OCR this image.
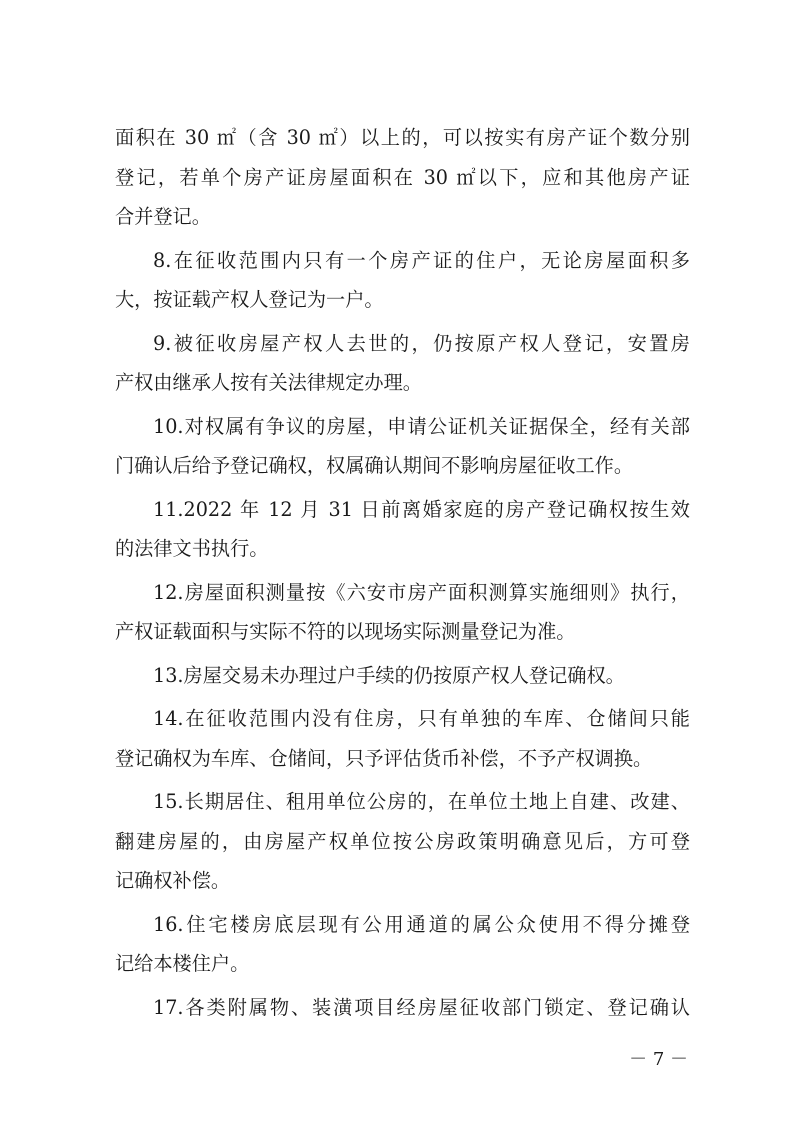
面积在 30 ㎡（含 30 ㎡）以上的，可以按实有房产证个数分别
登记，若单个房产证房屋面积在 30 ㎡以下，应和其他房产证
合并登记。
8.在征收范围内只有一个房产证的住户，无论房屋面积多
大，按证载产权人登记为一户。
9.被征收房屋产权人去世的，仍按原产权人登记，安置房
产权由继承人按有关法律规定办理。
10.对权属有争议的房屋，申请公证机关证据保全，经有关部
门确认后给予登记确权，权属确认期间不影响房屋征收工作。
11.2022 年 12 月 31 日前离婚家庭的房产登记确权按生效
的法律文书执行。
12.房屋面积测量按《六安市房产面积测算实施细则》执行，
产权证载面积与实际不符的以现场实际测量登记为准。
13.房屋交易未办理过户手续的仍按原产权人登记确权。
14.在征收范围内没有住房，只有单独的车库、仓储间只能
登记确权为车库、仓储间，只予评估货币补偿，不予产权调换。
15.长期居住、租用单位公房的，在单位土地上自建、改建、
翻建房屋的，由房屋产权单位按公房政策明确意见后，方可登
记确权补偿。
16.住宅楼房底层现有公用通道的属公众使用不得分摊登
记给本楼住户。
17.各类附属物、装潢项目经房屋征收部门锁定、登记确认
－ 7 －
